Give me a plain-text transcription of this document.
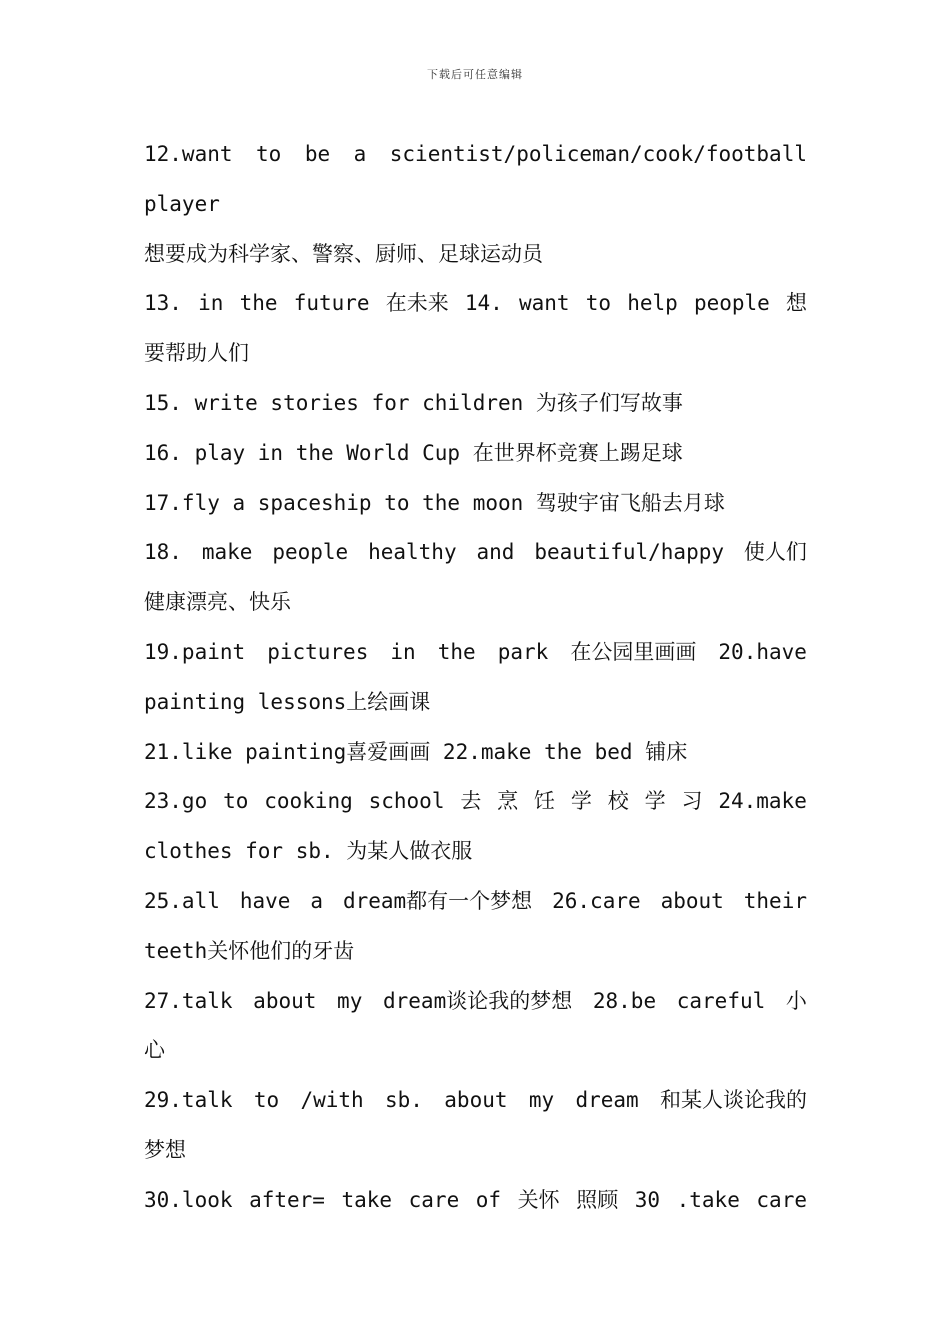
下载后可任意编辑
12.want to be a scientist/policeman/cook/football
player
想要成为科学家、警察、厨师、足球运动员
13. in the future 在未来 14. want to help people 想
要帮助人们
15. write stories for children 为孩子们写故事
16. play in the World Cup 在世界杯竞赛上踢足球
17.fly a spaceship to the moon 驾驶宇宙飞船去月球
18. make people healthy and beautiful/happy 使人们
健康漂亮、快乐
19.paint pictures in the park 在公园里画画 20.have
painting lessons上绘画课
21.like painting喜爱画画 22.make the bed 铺床
23.go to cooking school 去 烹 饪 学 校 学 习 24.make
clothes for sb. 为某人做衣服
25.all have a dream都有一个梦想 26.care about their
teeth关怀他们的牙齿
27.talk about my dream谈论我的梦想 28.be careful 小
心
29.talk to /with sb. about my dream 和某人谈论我的
梦想
30.look after= take care of 关怀 照顾 30 .take care
